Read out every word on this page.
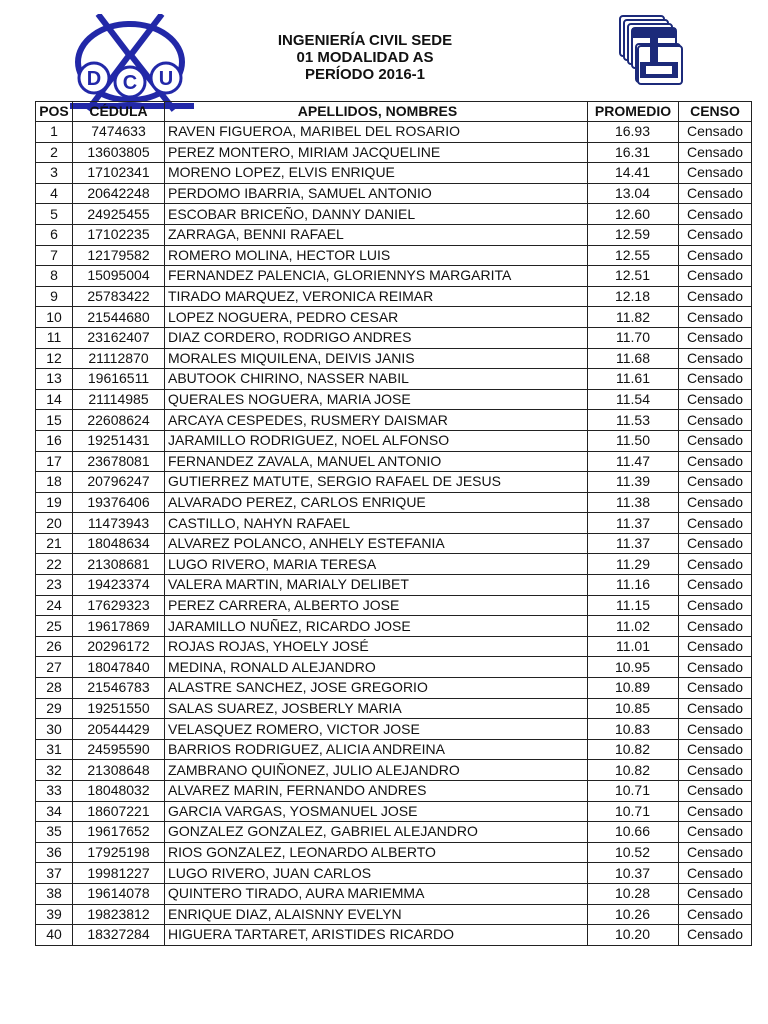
D C U
INGENIERÍA CIVIL SEDE
01 MODALIDAD AS
PERÍODO 2016-1
POS	CÉDULA	APELLIDOS, NOMBRES	PROMEDIO	CENSO
1	7474633	RAVEN FIGUEROA, MARIBEL DEL ROSARIO	16.93	Censado
2	13603805	PEREZ MONTERO, MIRIAM JACQUELINE	16.31	Censado
3	17102341	MORENO LOPEZ, ELVIS ENRIQUE	14.41	Censado
4	20642248	PERDOMO IBARRIA, SAMUEL ANTONIO	13.04	Censado
5	24925455	ESCOBAR BRICEÑO, DANNY DANIEL	12.60	Censado
6	17102235	ZARRAGA, BENNI RAFAEL	12.59	Censado
7	12179582	ROMERO MOLINA, HECTOR LUIS	12.55	Censado
8	15095004	FERNANDEZ PALENCIA, GLORIENNYS MARGARITA	12.51	Censado
9	25783422	TIRADO MARQUEZ, VERONICA REIMAR	12.18	Censado
10	21544680	LOPEZ NOGUERA, PEDRO CESAR	11.82	Censado
11	23162407	DIAZ CORDERO, RODRIGO ANDRES	11.70	Censado
12	21112870	MORALES MIQUILENA, DEIVIS JANIS	11.68	Censado
13	19616511	ABUTOOK CHIRINO, NASSER NABIL	11.61	Censado
14	21114985	QUERALES NOGUERA, MARIA JOSE	11.54	Censado
15	22608624	ARCAYA CESPEDES, RUSMERY DAISMAR	11.53	Censado
16	19251431	JARAMILLO RODRIGUEZ, NOEL ALFONSO	11.50	Censado
17	23678081	FERNANDEZ ZAVALA, MANUEL ANTONIO	11.47	Censado
18	20796247	GUTIERREZ MATUTE, SERGIO RAFAEL DE JESUS	11.39	Censado
19	19376406	ALVARADO PEREZ, CARLOS ENRIQUE	11.38	Censado
20	11473943	CASTILLO, NAHYN RAFAEL	11.37	Censado
21	18048634	ALVAREZ POLANCO, ANHELY ESTEFANIA	11.37	Censado
22	21308681	LUGO RIVERO, MARIA TERESA	11.29	Censado
23	19423374	VALERA MARTIN, MARIALY DELIBET	11.16	Censado
24	17629323	PEREZ CARRERA, ALBERTO JOSE	11.15	Censado
25	19617869	JARAMILLO NUÑEZ, RICARDO JOSE	11.02	Censado
26	20296172	ROJAS ROJAS, YHOELY JOSÉ	11.01	Censado
27	18047840	MEDINA, RONALD ALEJANDRO	10.95	Censado
28	21546783	ALASTRE SANCHEZ, JOSE GREGORIO	10.89	Censado
29	19251550	SALAS SUAREZ, JOSBERLY MARIA	10.85	Censado
30	20544429	VELASQUEZ ROMERO, VICTOR JOSE	10.83	Censado
31	24595590	BARRIOS RODRIGUEZ, ALICIA ANDREINA	10.82	Censado
32	21308648	ZAMBRANO QUIÑONEZ, JULIO ALEJANDRO	10.82	Censado
33	18048032	ALVAREZ MARIN, FERNANDO ANDRES	10.71	Censado
34	18607221	GARCIA VARGAS, YOSMANUEL JOSE	10.71	Censado
35	19617652	GONZALEZ GONZALEZ, GABRIEL ALEJANDRO	10.66	Censado
36	17925198	RIOS GONZALEZ, LEONARDO ALBERTO	10.52	Censado
37	19981227	LUGO RIVERO, JUAN CARLOS	10.37	Censado
38	19614078	QUINTERO TIRADO, AURA MARIEMMA	10.28	Censado
39	19823812	ENRIQUE DIAZ, ALAISNNY EVELYN	10.26	Censado
40	18327284	HIGUERA TARTARET, ARISTIDES RICARDO	10.20	Censado
